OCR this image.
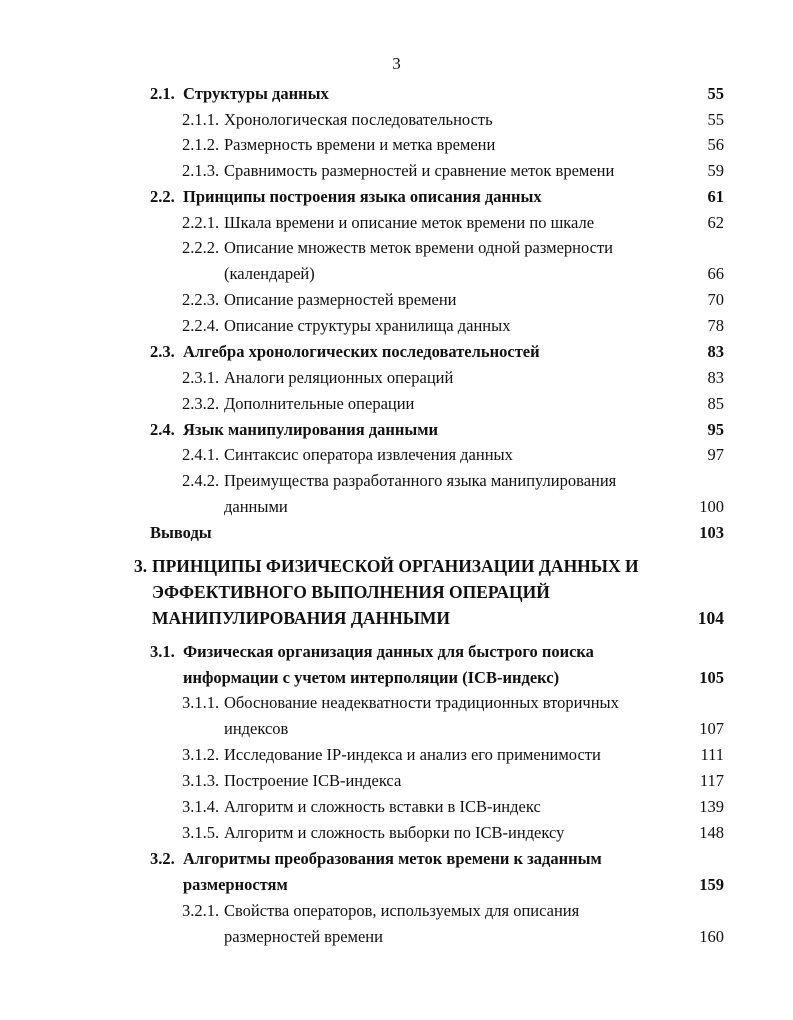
3
2.1. Структуры данных	55
2.1.1. Хронологическая последовательность	55
2.1.2. Размерность времени и метка времени	56
2.1.3. Сравнимость размерностей и сравнение меток времени	59
2.2. Принципы построения языка описания данных	61
2.2.1. Шкала времени и описание меток времени по шкале	62
2.2.2. Описание множеств меток времени одной размерности
(календарей)	66
2.2.3. Описание размерностей времени	70
2.2.4. Описание структуры хранилища данных	78
2.3. Алгебра хронологических последовательностей	83
2.3.1. Аналоги реляционных операций	83
2.3.2. Дополнительные операции	85
2.4. Язык манипулирования данными	95
2.4.1. Синтаксис оператора извлечения данных	97
2.4.2. Преимущества разработанного языка манипулирования
данными	100
Выводы	103
3. ПРИНЦИПЫ ФИЗИЧЕСКОЙ ОРГАНИЗАЦИИ ДАННЫХ И
ЭФФЕКТИВНОГО ВЫПОЛНЕНИЯ ОПЕРАЦИЙ
МАНИПУЛИРОВАНИЯ ДАННЫМИ	104
3.1. Физическая организация данных для быстрого поиска
информации с учетом интерполяции (ICB-индекс)	105
3.1.1. Обоснование неадекватности традиционных вторичных
индексов	107
3.1.2. Исследование IP-индекса и анализ его применимости	111
3.1.3. Построение ICB-индекса	117
3.1.4. Алгоритм и сложность вставки в ICB-индекс	139
3.1.5. Алгоритм и сложность выборки по ICB-индексу	148
3.2. Алгоритмы преобразования меток времени к заданным
размерностям	159
3.2.1. Свойства операторов, используемых для описания
размерностей времени	160
